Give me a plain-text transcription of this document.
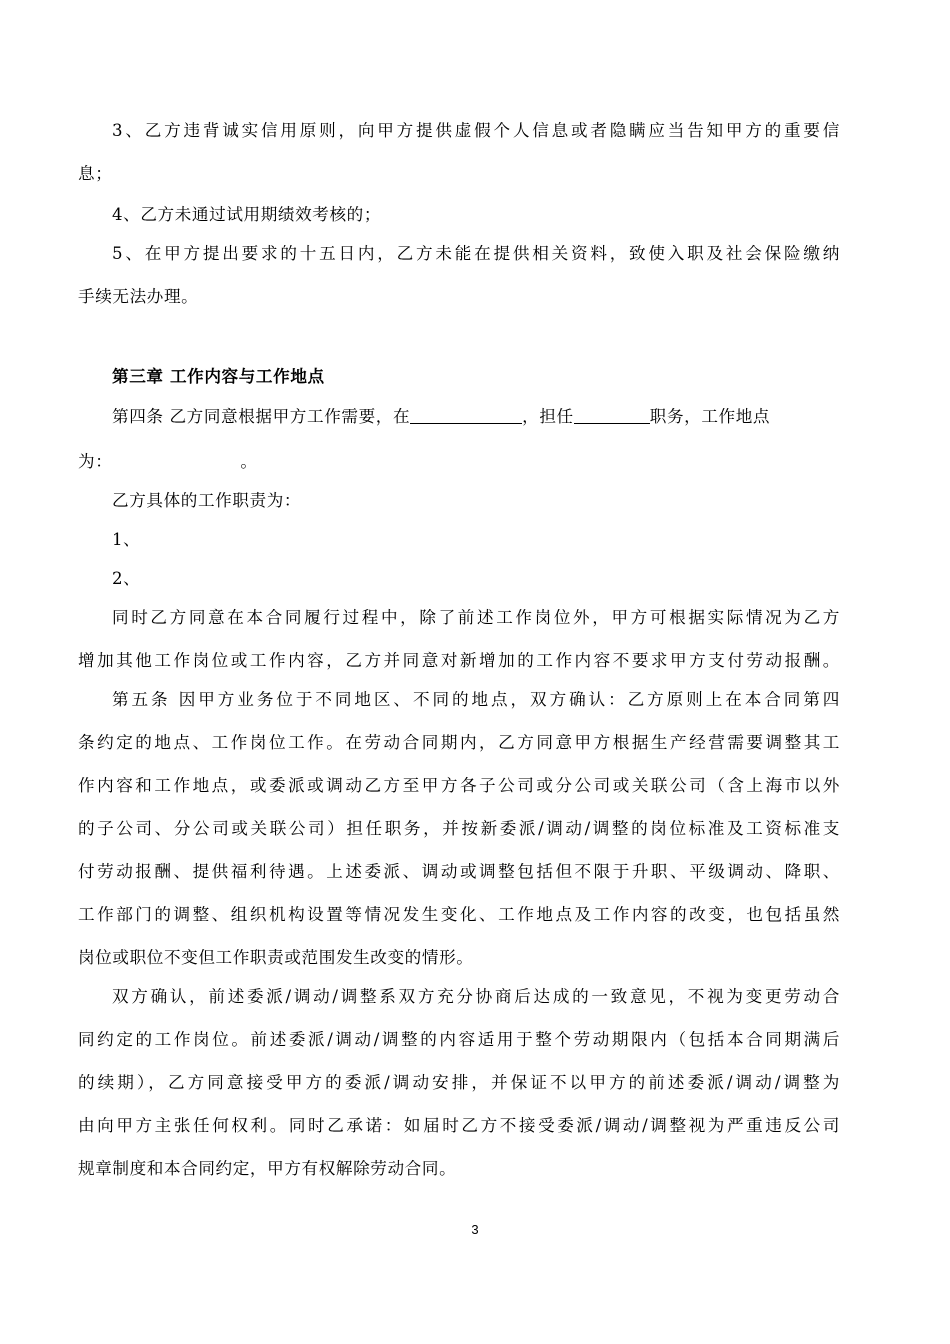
3、乙方违背诚实信用原则，向甲方提供虚假个人信息或者隐瞒应当告知甲方的重要信
息；
4、乙方未通过试用期绩效考核的；
5、在甲方提出要求的十五日内，乙方未能在提供相关资料，致使入职及社会保险缴纳
手续无法办理。
第三章 工作内容与工作地点
第四条 乙方同意根据甲方工作需要，在	，担任	职务，工作地点
为：	。
乙方具体的工作职责为：
1、
2、
同时乙方同意在本合同履行过程中，除了前述工作岗位外，甲方可根据实际情况为乙方
增加其他工作岗位或工作内容，乙方并同意对新增加的工作内容不要求甲方支付劳动报酬。
第五条 因甲方业务位于不同地区、不同的地点，双方确认：乙方原则上在本合同第四
条约定的地点、工作岗位工作。在劳动合同期内，乙方同意甲方根据生产经营需要调整其工
作内容和工作地点，或委派或调动乙方至甲方各子公司或分公司或关联公司（含上海市以外
的子公司、分公司或关联公司）担任职务，并按新委派/调动/调整的岗位标准及工资标准支
付劳动报酬、提供福利待遇。上述委派、调动或调整包括但不限于升职、平级调动、降职、
工作部门的调整、组织机构设置等情况发生变化、工作地点及工作内容的改变，也包括虽然
岗位或职位不变但工作职责或范围发生改变的情形。
双方确认，前述委派/调动/调整系双方充分协商后达成的一致意见，不视为变更劳动合
同约定的工作岗位。前述委派/调动/调整的内容适用于整个劳动期限内（包括本合同期满后
的续期），乙方同意接受甲方的委派/调动安排，并保证不以甲方的前述委派/调动/调整为
由向甲方主张任何权利。同时乙承诺：如届时乙方不接受委派/调动/调整视为严重违反公司
规章制度和本合同约定，甲方有权解除劳动合同。
3
